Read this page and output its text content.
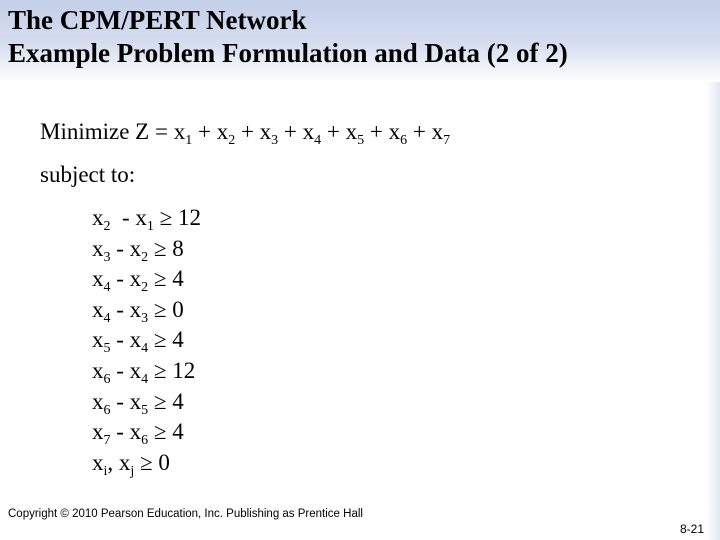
The CPM/PERT Network
Example Problem Formulation and Data (2 of 2)
Minimize $Z = x_1 + x_2 + x_3 + x_4 + x_5 + x_6 + x_7$
subject to:
$x_2 - x_1 \ge 12$
$x_3 - x_2 \ge 8$
$x_4 - x_2 \ge 4$
$x_4 - x_3 \ge 0$
$x_5 - x_4 \ge 4$
$x_6 - x_4 \ge 12$
$x_6 - x_5 \ge 4$
$x_7 - x_6 \ge 4$
$x_i$, $x_j \ge 0$
Copyright © 2010 Pearson Education, Inc. Publishing as Prentice Hall
8-21
